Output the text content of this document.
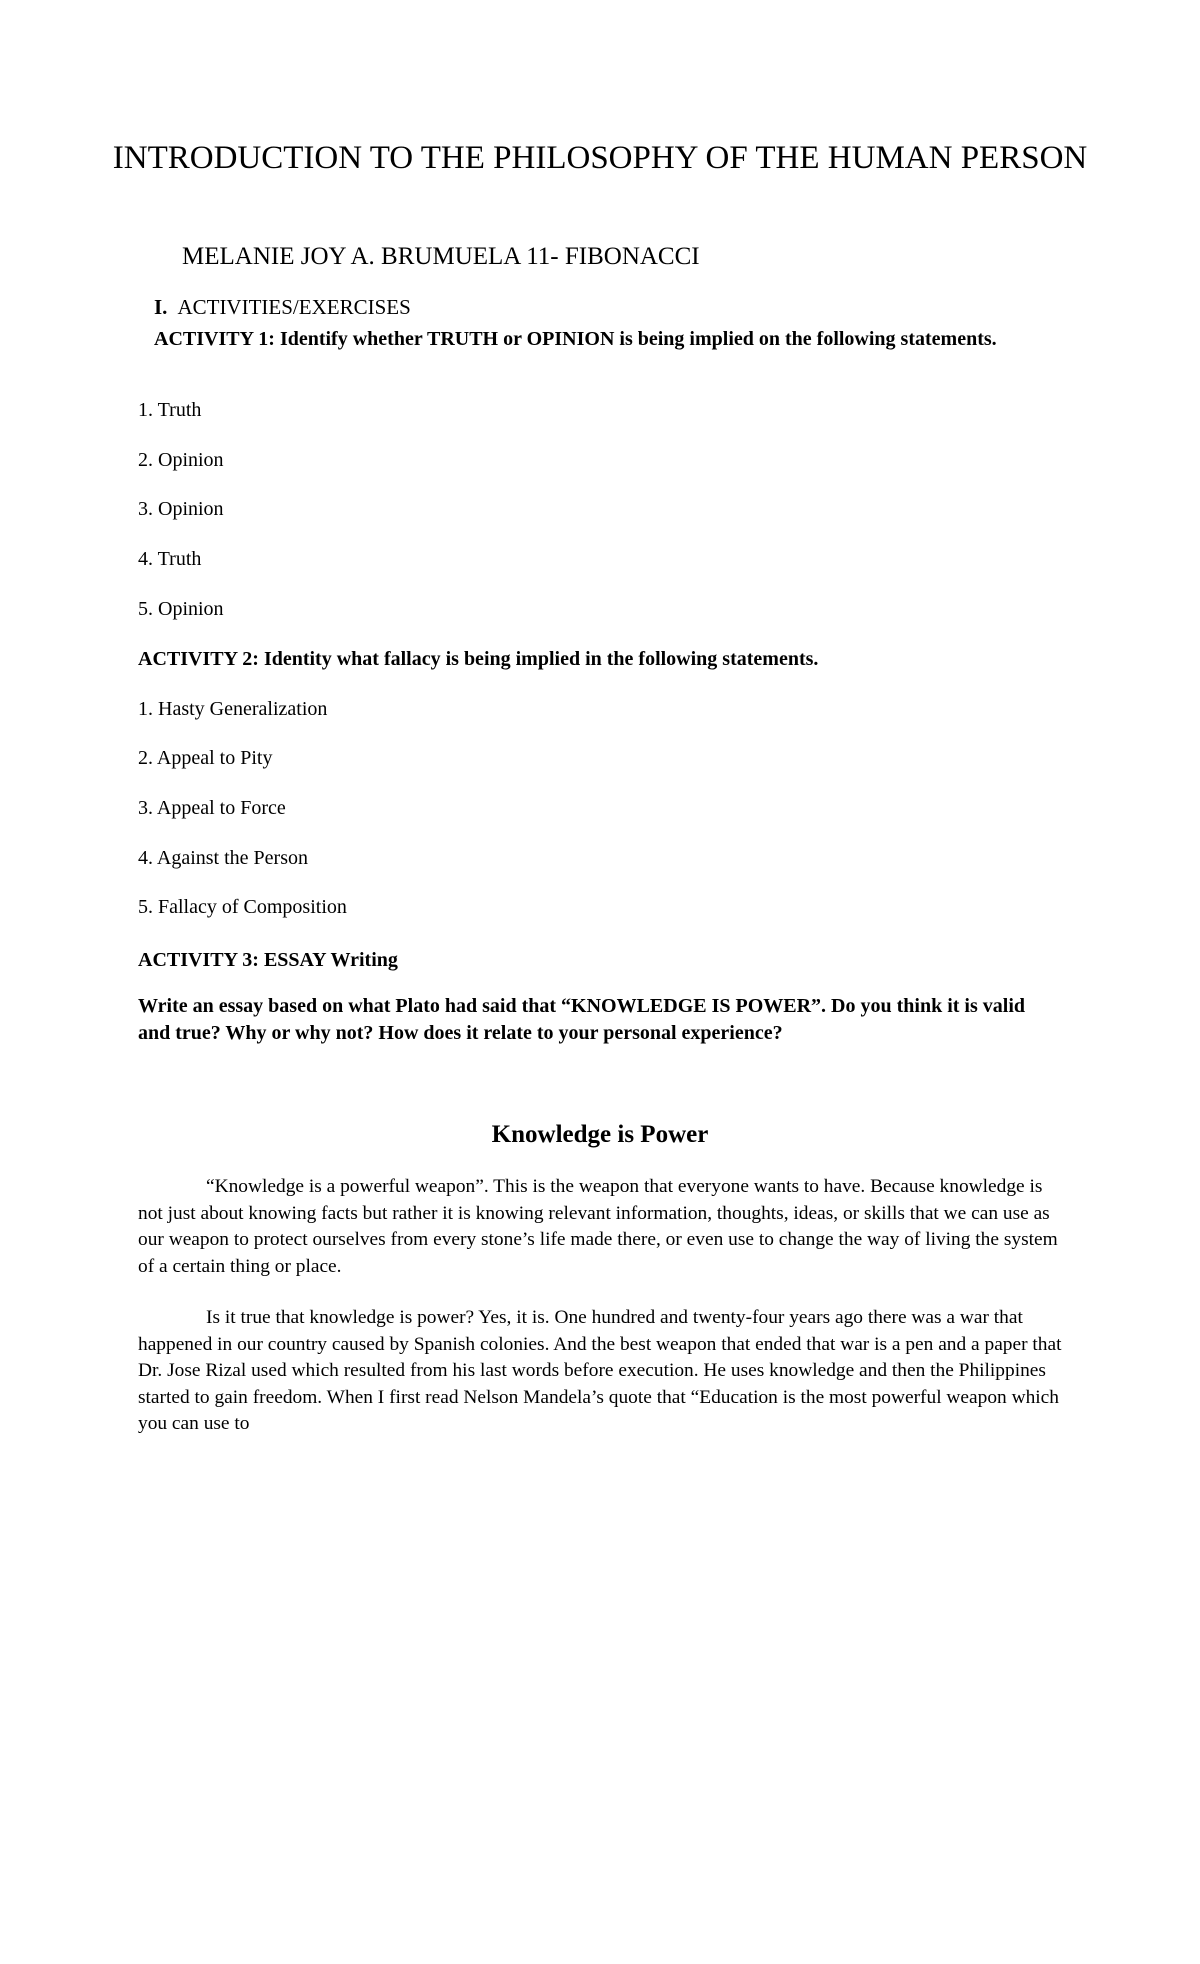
INTRODUCTION TO THE PHILOSOPHY OF THE HUMAN PERSON

MELANIE JOY A. BRUMUELA 11- FIBONACCI

I. ACTIVITIES/EXERCISES

ACTIVITY 1: Identify whether TRUTH or OPINION is being implied on the following statements.

1. Truth

2. Opinion

3. Opinion

4. Truth

5. Opinion

ACTIVITY 2: Identity what fallacy is being implied in the following statements.

1. Hasty Generalization

2. Appeal to Pity

3. Appeal to Force

4. Against the Person

5. Fallacy of Composition

ACTIVITY 3: ESSAY Writing

Write an essay based on what Plato had said that “KNOWLEDGE IS POWER”. Do you think it is valid and true? Why or why not? How does it relate to your personal experience?

Knowledge is Power

“Knowledge is a powerful weapon”. This is the weapon that everyone wants to have. Because knowledge is not just about knowing facts but rather it is knowing relevant information, thoughts, ideas, or skills that we can use as our weapon to protect ourselves from every stone’s life made there, or even use to change the way of living the system of a certain thing or place.

Is it true that knowledge is power? Yes, it is. One hundred and twenty-four years ago there was a war that happened in our country caused by Spanish colonies. And the best weapon that ended that war is a pen and a paper that Dr. Jose Rizal used which resulted from his last words before execution. He uses knowledge and then the Philippines started to gain freedom. When I first read Nelson Mandela’s quote that “Education is the most powerful weapon which you can use to
